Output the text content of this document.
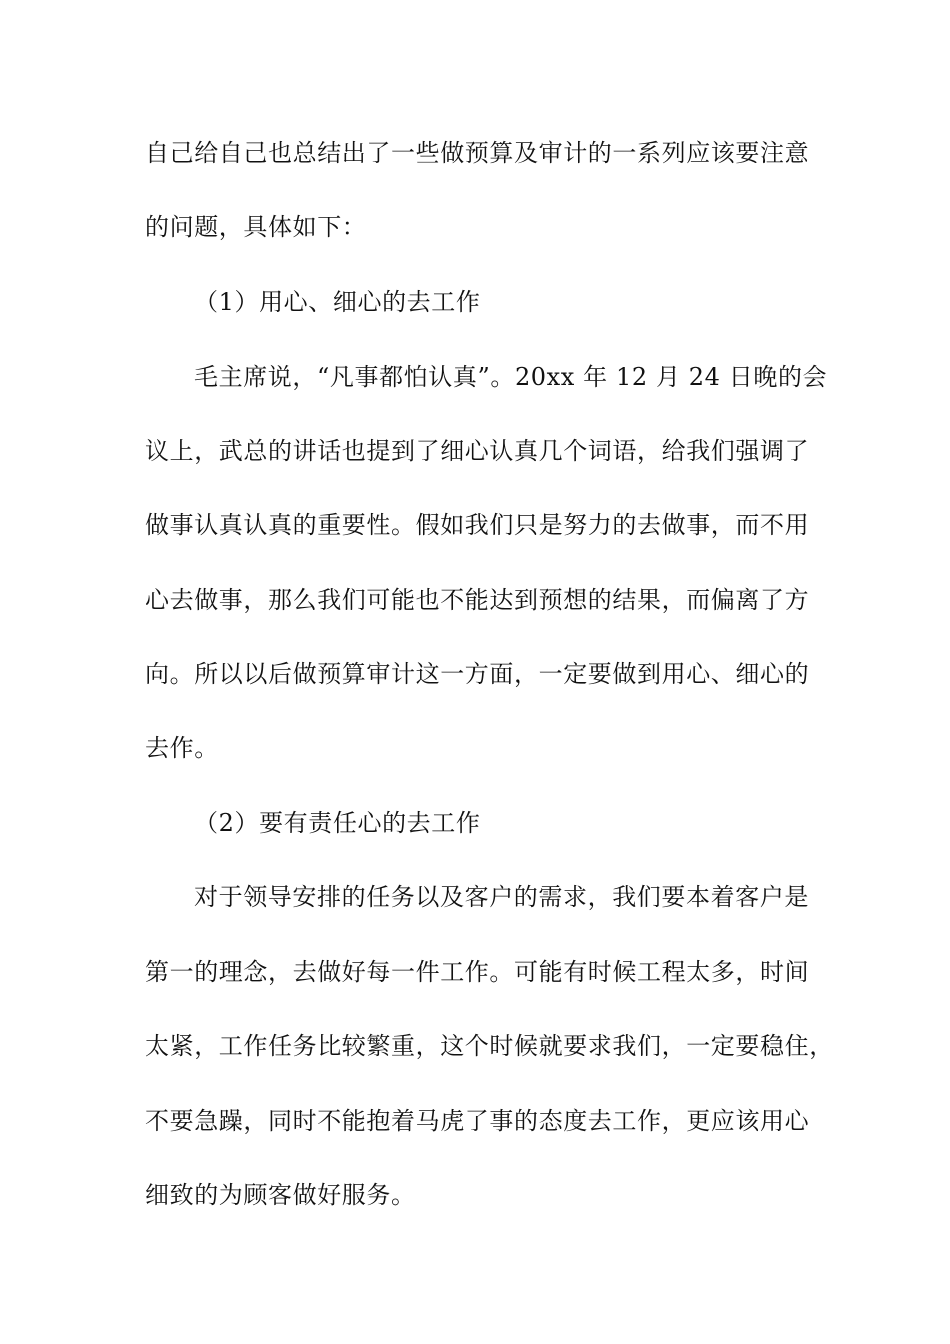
自己给自己也总结出了一些做预算及审计的一系列应该要注意
的问题，具体如下：
（1）用心、细心的去工作
毛主席说，“凡事都怕认真”。20xx 年 12 月 24 日晚的会
议上，武总的讲话也提到了细心认真几个词语，给我们强调了
做事认真认真的重要性。假如我们只是努力的去做事，而不用
心去做事，那么我们可能也不能达到预想的结果，而偏离了方
向。所以以后做预算审计这一方面，一定要做到用心、细心的
去作。
（2）要有责任心的去工作
对于领导安排的任务以及客户的需求，我们要本着客户是
第一的理念，去做好每一件工作。可能有时候工程太多，时间
太紧，工作任务比较繁重，这个时候就要求我们，一定要稳住，
不要急躁，同时不能抱着马虎了事的态度去工作，更应该用心
细致的为顾客做好服务。
